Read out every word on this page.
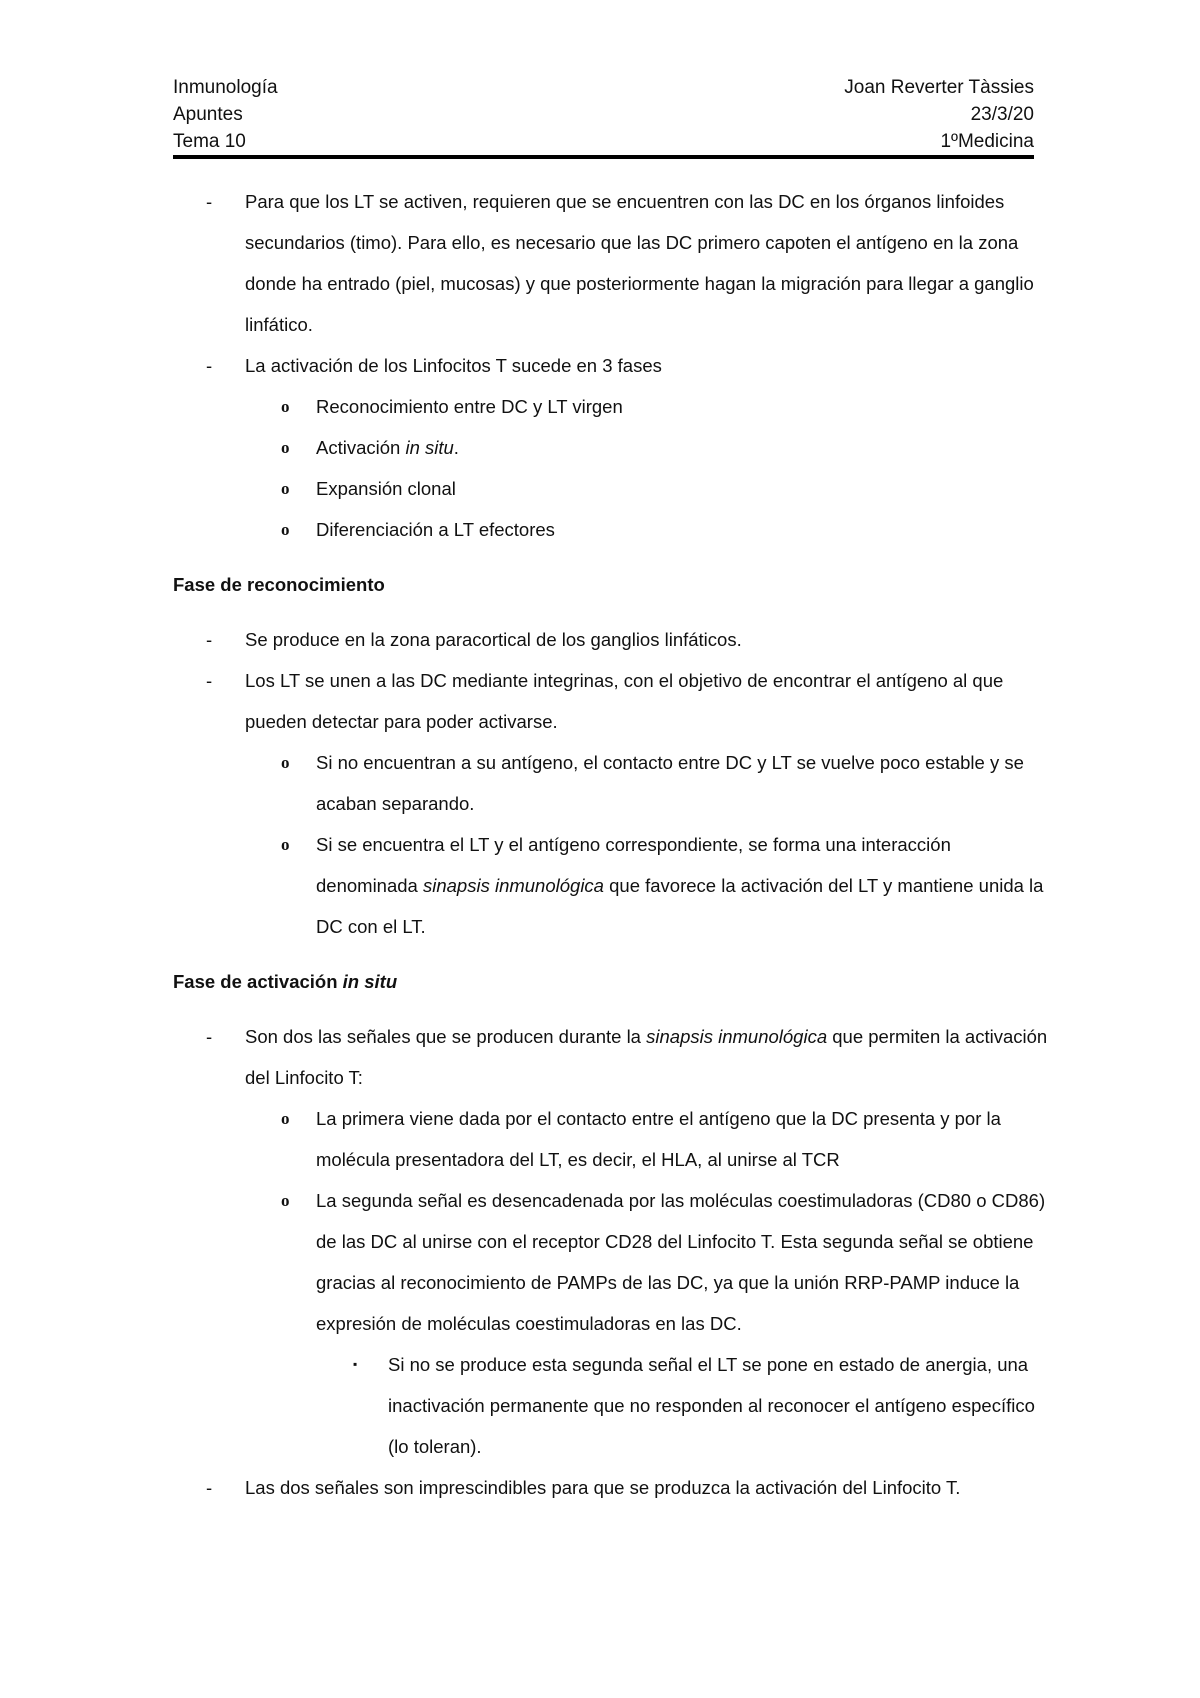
Inmunología	Joan Reverter Tàssies
Apuntes	23/3/20
Tema 10	1ºMedicina
-	Para que los LT se activen, requieren que se encuentren con las DC en los órganos linfoides secundarios (timo). Para ello, es necesario que las DC primero capoten el antígeno en la zona donde ha entrado (piel, mucosas) y que posteriormente hagan la migración para llegar a ganglio linfático.
-	La activación de los Linfocitos T sucede en 3 fases
o	Reconocimiento entre DC y LT virgen
o	Activación in situ.
o	Expansión clonal
o	Diferenciación a LT efectores
Fase de reconocimiento
-	Se produce en la zona paracortical de los ganglios linfáticos.
-	Los LT se unen a las DC mediante integrinas, con el objetivo de encontrar el antígeno al que pueden detectar para poder activarse.
o	Si no encuentran a su antígeno, el contacto entre DC y LT se vuelve poco estable y se acaban separando.
o	Si se encuentra el LT y el antígeno correspondiente, se forma una interacción denominada sinapsis inmunológica que favorece la activación del LT y mantiene unida la DC con el LT.
Fase de activación in situ
-	Son dos las señales que se producen durante la sinapsis inmunológica que permiten la activación del Linfocito T:
o	La primera viene dada por el contacto entre el antígeno que la DC presenta y por la molécula presentadora del LT, es decir, el HLA, al unirse al TCR
o	La segunda señal es desencadenada por las moléculas coestimuladoras (CD80 o CD86) de las DC al unirse con el receptor CD28 del Linfocito T. Esta segunda señal se obtiene gracias al reconocimiento de PAMPs de las DC, ya que la unión RRP-PAMP induce la expresión de moléculas coestimuladoras en las DC.
▪	Si no se produce esta segunda señal el LT se pone en estado de anergia, una inactivación permanente que no responden al reconocer el antígeno específico (lo toleran).
-	Las dos señales son imprescindibles para que se produzca la activación del Linfocito T.
